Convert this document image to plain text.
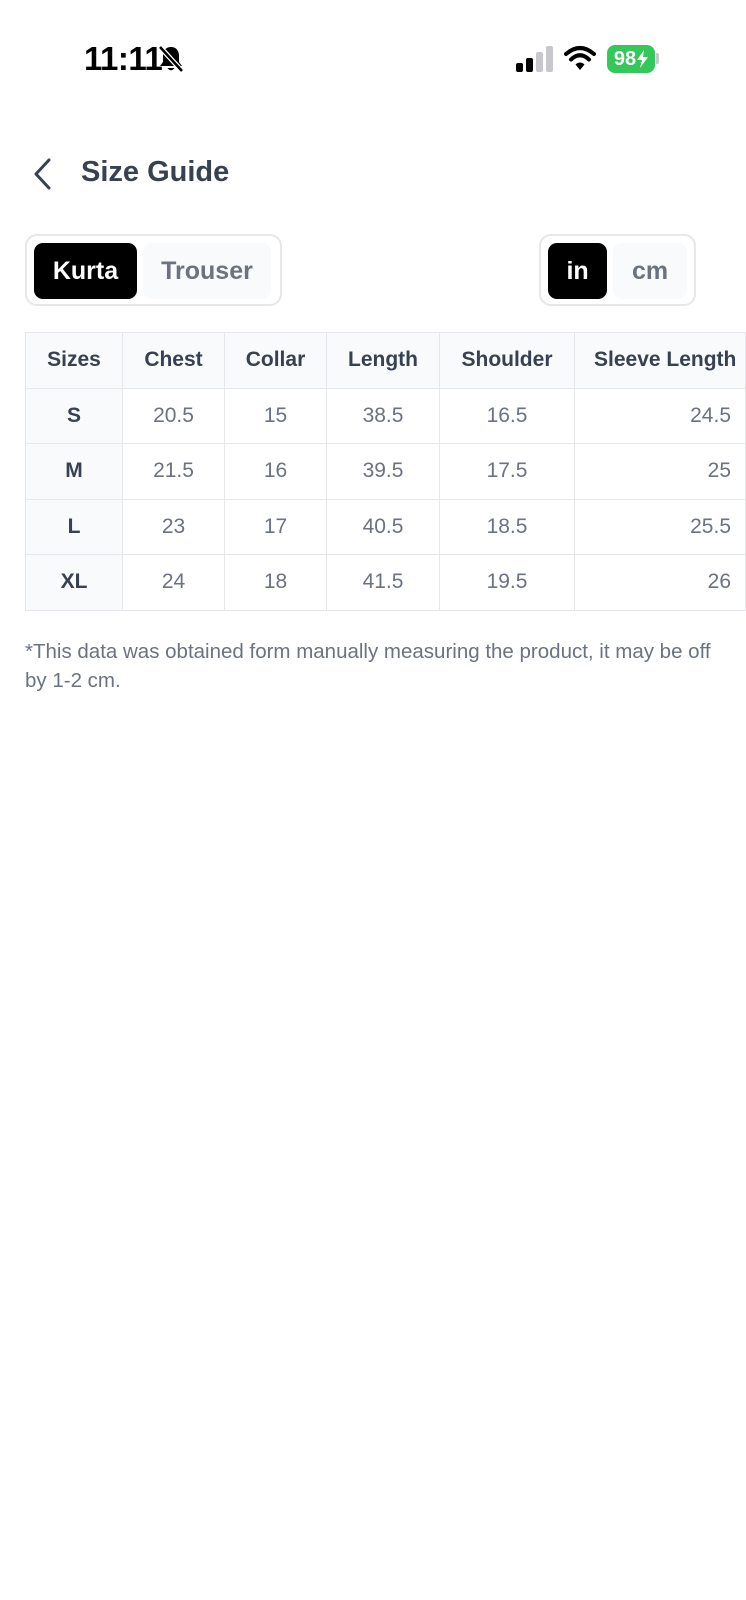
11:11	98
Size Guide
Kurta	Trouser	in	cm
Sizes	Chest	Collar	Length	Shoulder	Sleeve Length
S	20.5	15	38.5	16.5	24.5
M	21.5	16	39.5	17.5	25
L	23	17	40.5	18.5	25.5
XL	24	18	41.5	19.5	26

*This data was obtained form manually measuring the product, it may be off by 1-2 cm.
